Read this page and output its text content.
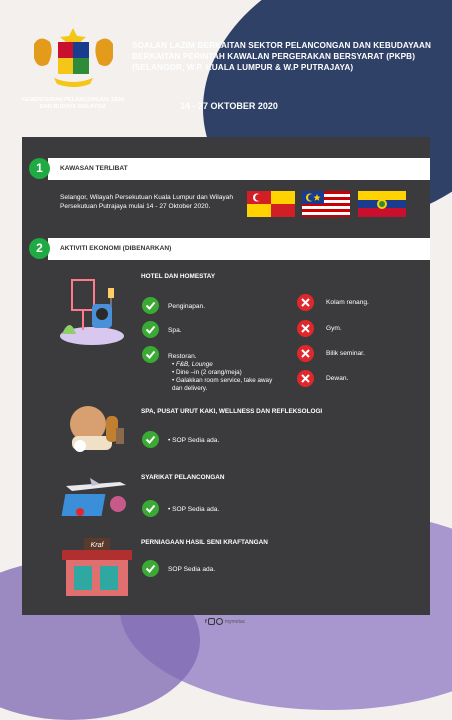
KEMENTERIAN PELANCONGAN, SENI DAN BUDAYA MALAYSIA
SOALAN LAZIM BERKAITAN SEKTOR PELANCONGAN DAN KEBUDAYAAN BERKAITAN PERINTAH KAWALAN PERGERAKAN BERSYARAT (PKPB) (SELANGOR, W.P. KUALA LUMPUR & W.P PUTRAJAYA)
14 - 27 OKTOBER 2020
1	KAWASAN TERLIBAT
Selangor, Wilayah Persekutuan Kuala Lumpur dan Wilayah Persekutuan Putrajaya mulai 14 - 27 Oktober 2020.
2	AKTIVITI EKONOMI (DIBENARKAN)
HOTEL DAN HOMESTAY
Penginapan.
Spa.
Restoran.
• F&B, Lounge
• Dine –in (2 orang/meja)
• Galakkan room service, take away dan delivery.
Kolam renang.
Gym.
Bilik seminar.
Dewan.
SPA, PUSAT URUT KAKI, WELLNESS DAN REFLEKSOLOGI
• SOP Sedia ada.
SYARIKAT PELANCONGAN
• SOP Sedia ada.
Kraf	PERNIAGAAN HASIL SENI KRAFTANGAN
SOP Sedia ada.
f	mymotac
